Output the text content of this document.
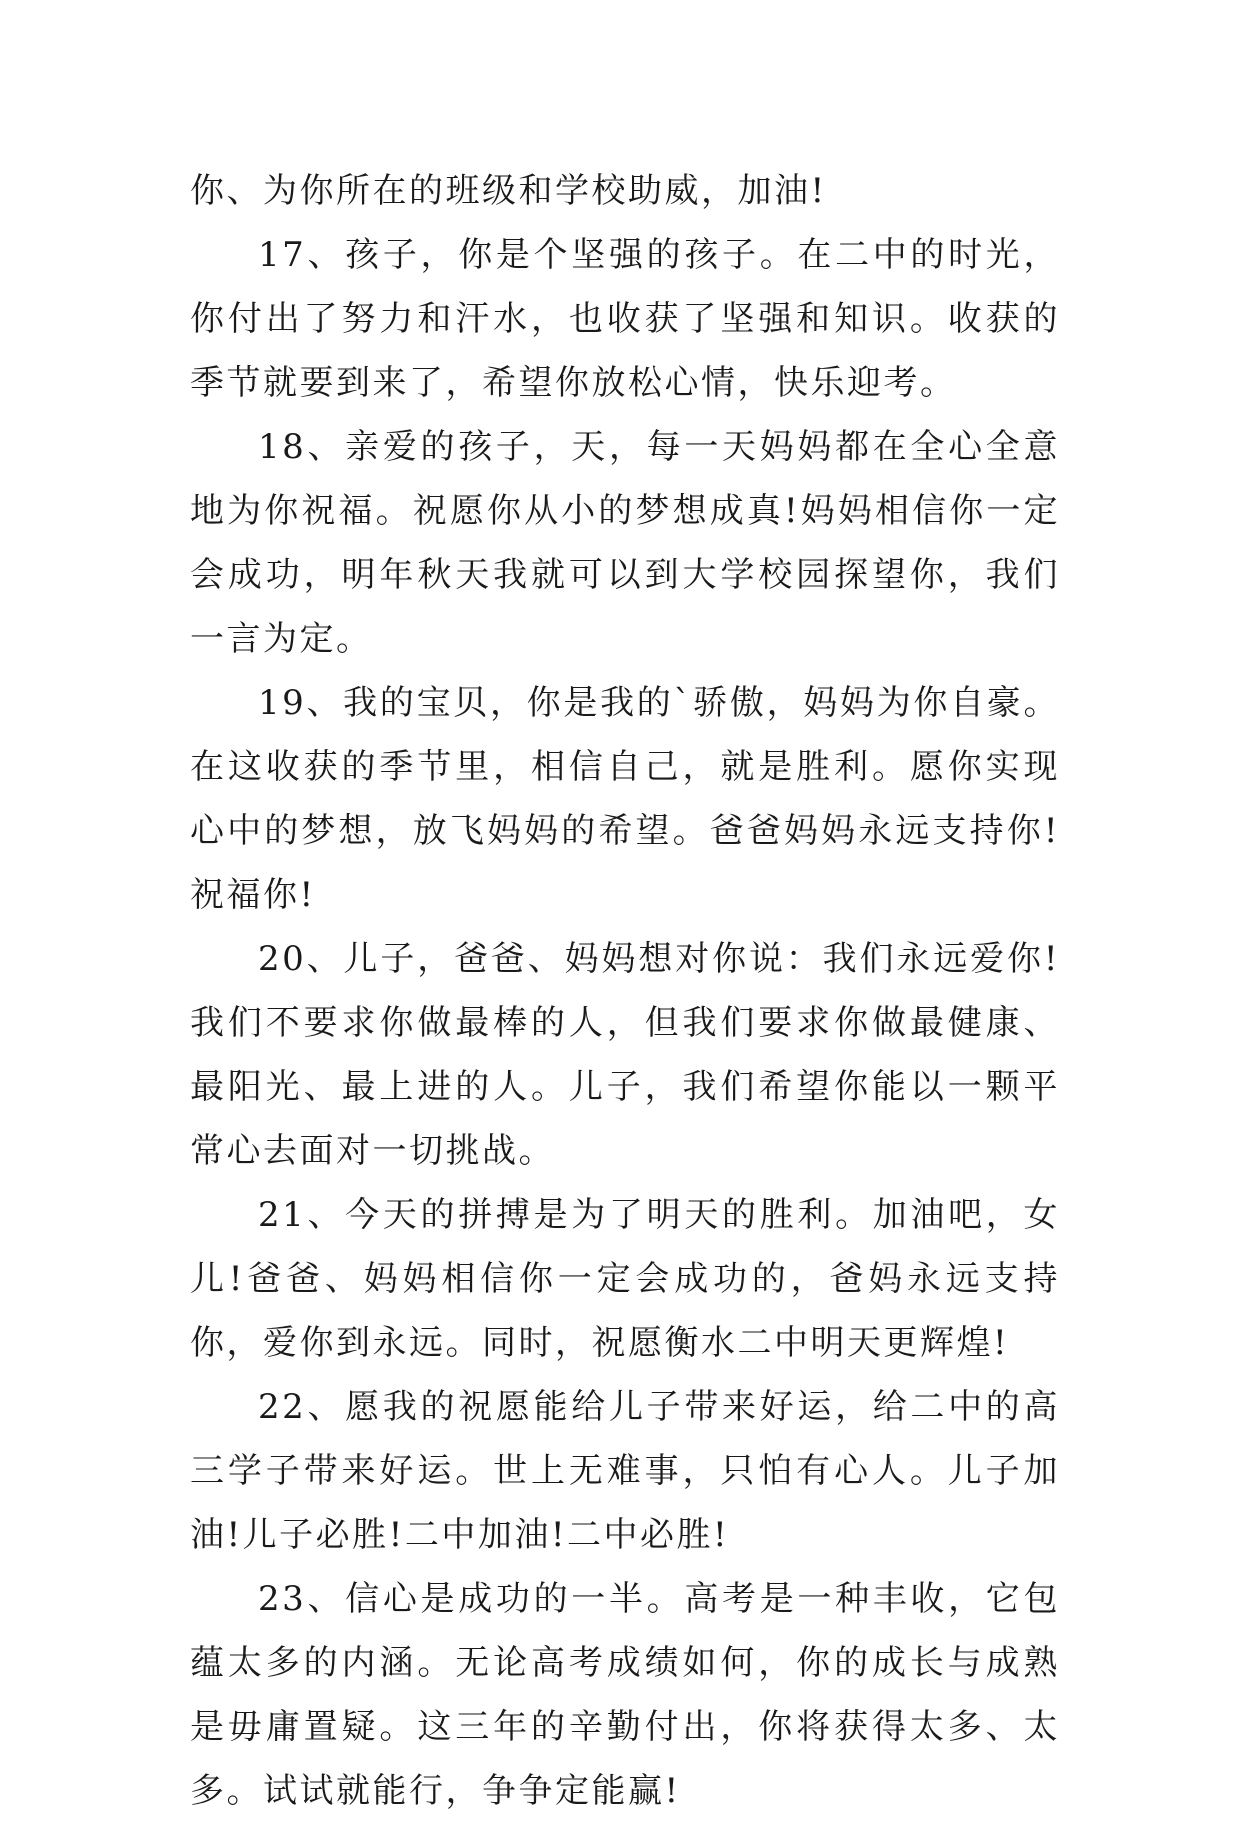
你、为你所在的班级和学校助威，加油!

17、孩子，你是个坚强的孩子。在二中的时光，你付出了努力和汗水，也收获了坚强和知识。收获的季节就要到来了，希望你放松心情，快乐迎考。

18、亲爱的孩子，天，每一天妈妈都在全心全意地为你祝福。祝愿你从小的梦想成真!妈妈相信你一定会成功，明年秋天我就可以到大学校园探望你，我们一言为定。

19、我的宝贝，你是我的`骄傲，妈妈为你自豪。在这收获的季节里，相信自己，就是胜利。愿你实现心中的梦想，放飞妈妈的希望。爸爸妈妈永远支持你!祝福你!

20、儿子，爸爸、妈妈想对你说：我们永远爱你!我们不要求你做最棒的人，但我们要求你做最健康、最阳光、最上进的人。儿子，我们希望你能以一颗平常心去面对一切挑战。

21、今天的拼搏是为了明天的胜利。加油吧，女儿!爸爸、妈妈相信你一定会成功的，爸妈永远支持你，爱你到永远。同时，祝愿衡水二中明天更辉煌!

22、愿我的祝愿能给儿子带来好运，给二中的高三学子带来好运。世上无难事，只怕有心人。儿子加油!儿子必胜!二中加油!二中必胜!

23、信心是成功的一半。高考是一种丰收，它包蕴太多的内涵。无论高考成绩如何，你的成长与成熟是毋庸置疑。这三年的辛勤付出，你将获得太多、太多。试试就能行，争争定能赢!
